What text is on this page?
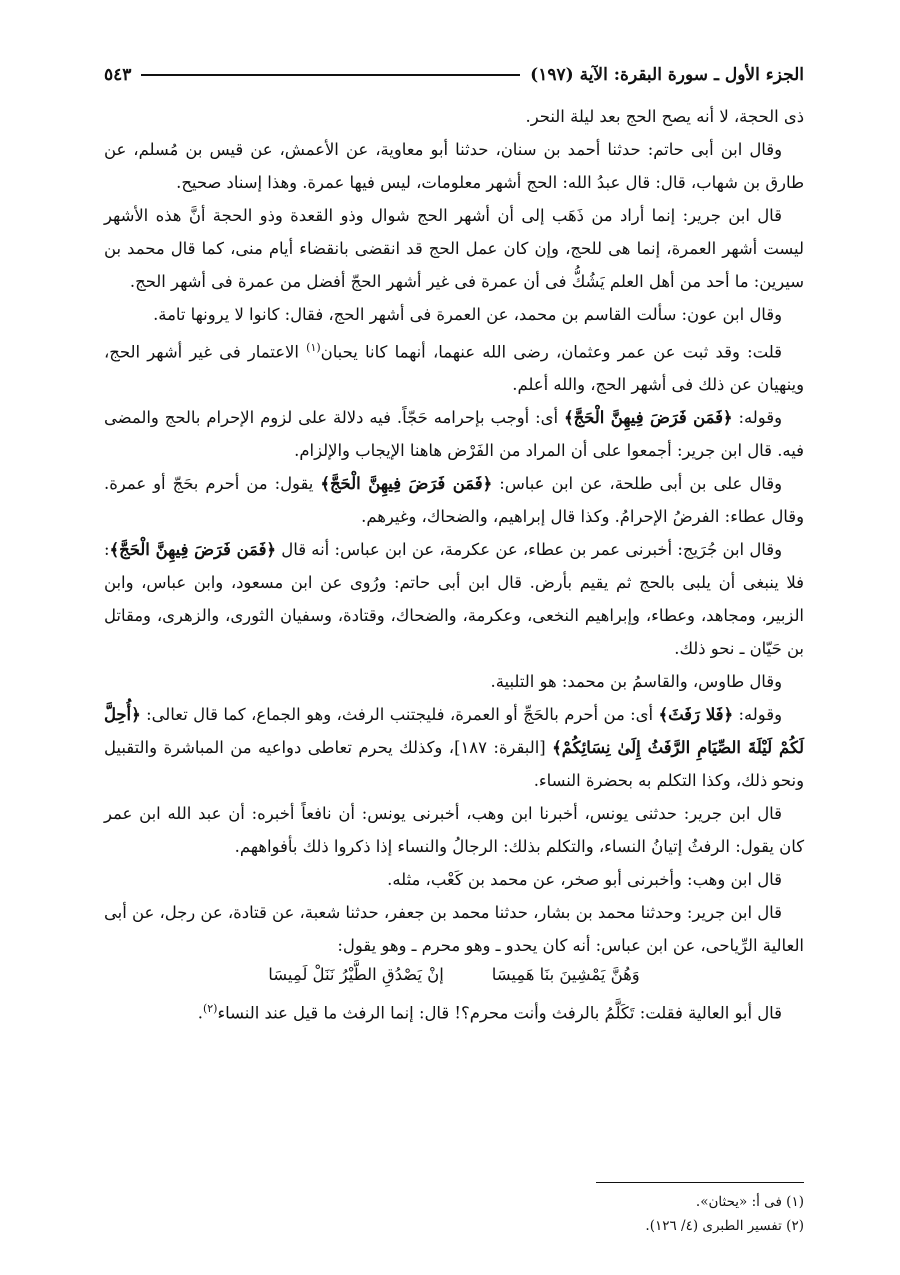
الجزء الأول ـ سورة البقرة: الآية (١٩٧)
٥٤٣

ذى الحجة، لا أنه يصح الحج بعد ليلة النحر.

وقال ابن أبى حاتم: حدثنا أحمد بن سنان، حدثنا أبو معاوية، عن الأعمش، عن قيس بن مُسلم، عن طارق بن شهاب، قال: قال عبدُ الله: الحج أشهر معلومات، ليس فيها عمرة. وهذا إسناد صحيح.

قال ابن جرير: إنما أراد من ذَهَب إلى أن أشهر الحج شوال وذو القعدة وذو الحجة أنَّ هذه الأشهر ليست أشهر العمرة، إنما هى للحج، وإن كان عمل الحج قد انقضى بانقضاء أيام منى، كما قال محمد بن سيرين: ما أحد من أهل العلم يَشُكُّ فى أن عمرة فى غير أشهر الحجّ أفضل من عمرة فى أشهر الحج.

وقال ابن عون: سألت القاسم بن محمد، عن العمرة فى أشهر الحج، فقال: كانوا لا يرونها تامة.

قلت: وقد ثبت عن عمر وعثمان، رضى الله عنهما، أنهما كانا يحبان$^{(١)}$ الاعتمار فى غير أشهر الحج، وينهيان عن ذلك فى أشهر الحج، والله أعلم.

وقوله: ﴿فَمَن فَرَضَ فِيهِنَّ الْحَجَّ﴾ أى: أوجب بإحرامه حَجّاً. فيه دلالة على لزوم الإحرام بالحج والمضى فيه. قال ابن جرير: أجمعوا على أن المراد من الفَرْض هاهنا الإيجاب والإلزام.

وقال على بن أبى طلحة، عن ابن عباس: ﴿فَمَن فَرَضَ فِيهِنَّ الْحَجَّ﴾ يقول: من أحرم بحَجّ أو عمرة. وقال عطاء: الفرضُ الإحرامُ. وكذا قال إبراهيم، والضحاك، وغيرهم.

وقال ابن جُرَيج: أخبرنى عمر بن عطاء، عن عكرمة، عن ابن عباس: أنه قال ﴿فَمَن فَرَضَ فِيهِنَّ الْحَجَّ﴾: فلا ينبغى أن يلبى بالحج ثم يقيم بأرض. قال ابن أبى حاتم: ورُوى عن ابن مسعود، وابن عباس، وابن الزبير، ومجاهد، وعطاء، وإبراهيم النخعى، وعكرمة، والضحاك، وقتادة، وسفيان الثورى، والزهرى، ومقاتل بن حَيّان ـ نحو ذلك.

وقال طاوس، والقاسمُ بن محمد: هو التلبية.

وقوله: ﴿فَلا رَفَثَ﴾ أى: من أحرم بالحَجِّ أو العمرة، فليجتنب الرفث، وهو الجماع، كما قال تعالى: ﴿أُحِلَّ لَكُمْ لَيْلَةَ الصِّيَامِ الرَّفَثُ إِلَىٰ نِسَائِكُمْ﴾ [البقرة: ١٨٧]، وكذلك يحرم تعاطى دواعيه من المباشرة والتقبيل ونحو ذلك، وكذا التكلم به بحضرة النساء.

قال ابن جرير: حدثنى يونس، أخبرنا ابن وهب، أخبرنى يونس: أن نافعاً أخبره: أن عبد الله ابن عمر كان يقول: الرفثُ إتيانُ النساء، والتكلم بذلك: الرجالُ والنساء إذا ذكروا ذلك بأفواههم.

قال ابن وهب: وأخبرنى أبو صخر، عن محمد بن كَعْب، مثله.

قال ابن جرير: وحدثنا محمد بن بشار، حدثنا محمد بن جعفر، حدثنا شعبة، عن قتادة، عن رجل، عن أبى العالية الرِّياحى، عن ابن عباس: أنه كان يحدو ـ وهو محرم ـ وهو يقول:

وَهُنَّ يَمْشِينَ بنَا هَمِيسَا
إنْ يَصْدُقِ الطَّيْرُ نَنَلْ لَمِيسَا

قال أبو العالية فقلت: تَكَلَّمُ بالرفث وأنت محرم؟! قال: إنما الرفث ما قيل عند النساء$^{(٢)}$.

(١) فى أ: «يحثان».
(٢) تفسير الطبرى (٤/ ١٢٦).
